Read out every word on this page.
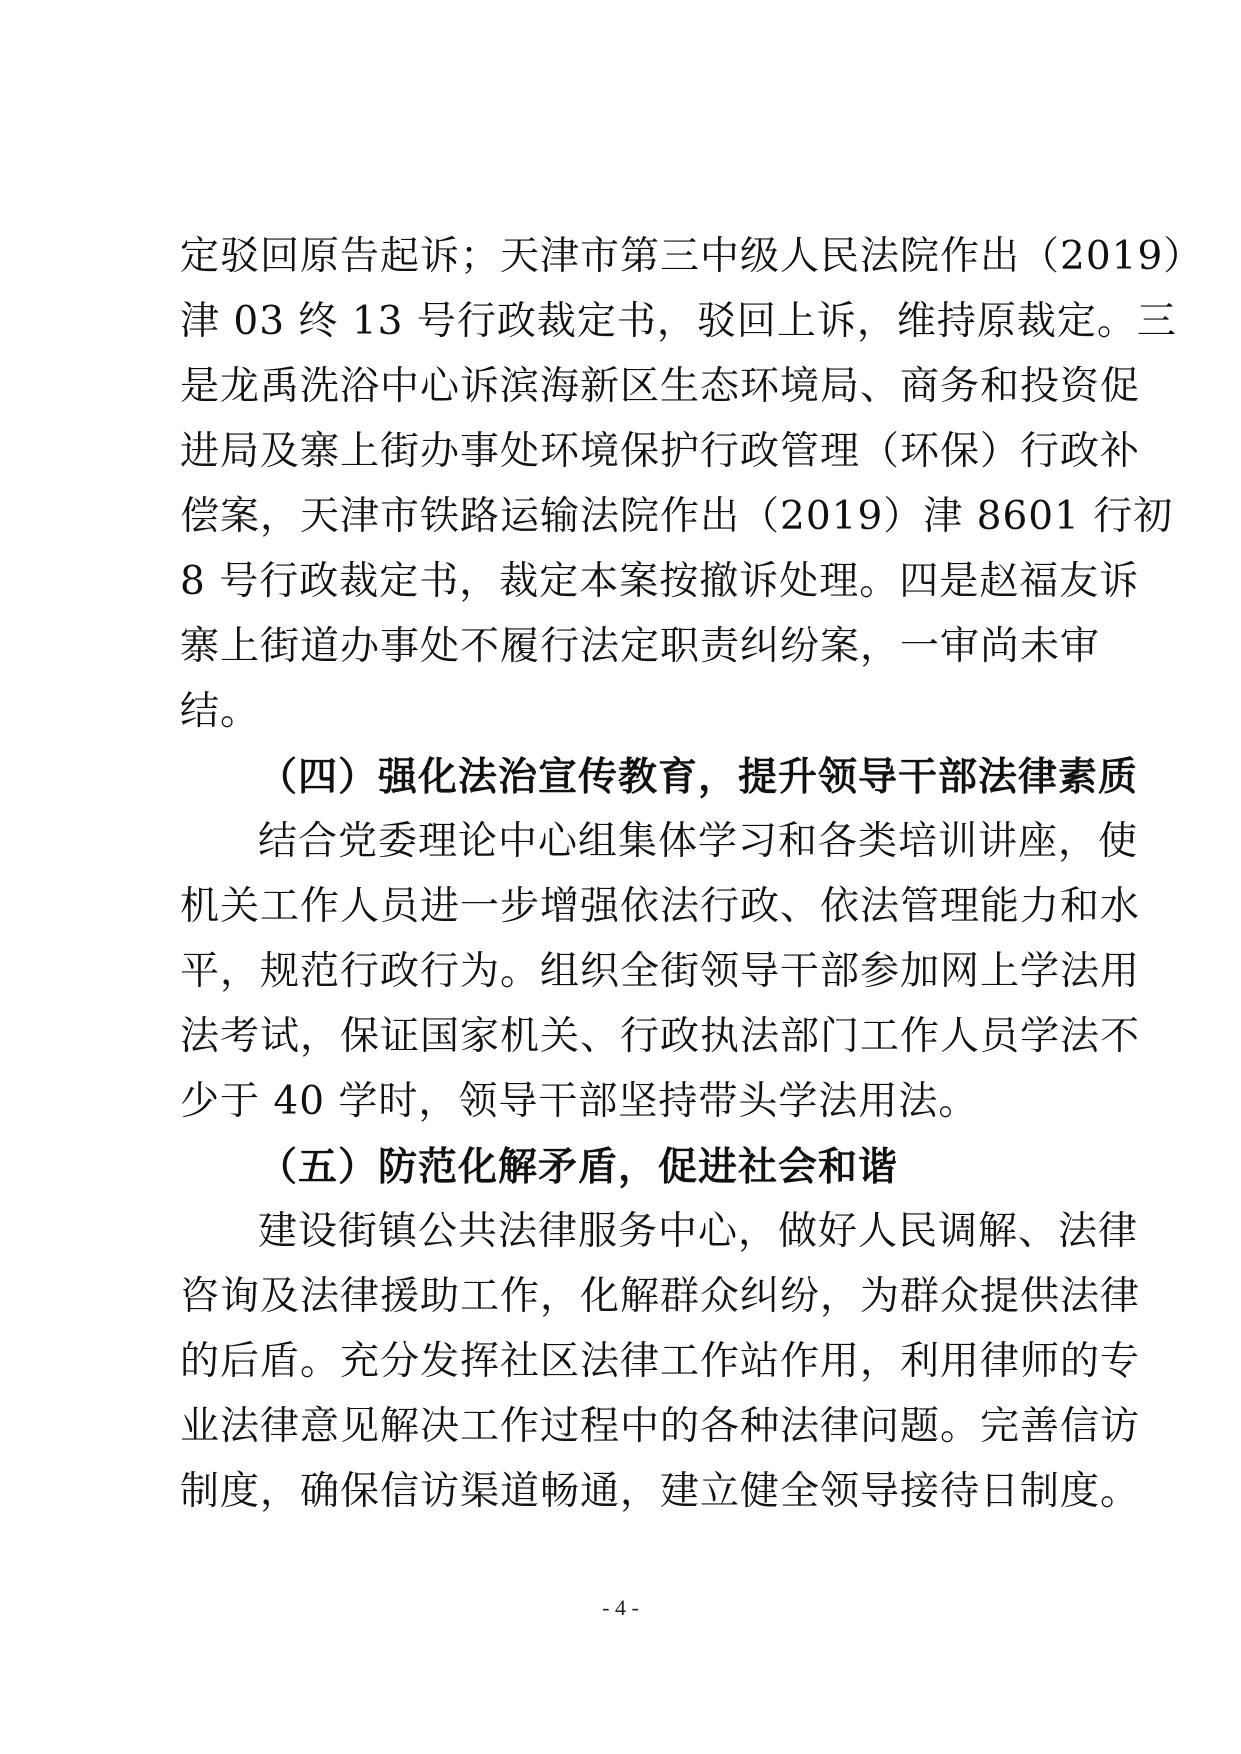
定驳回原告起诉；天津市第三中级人民法院作出（2019）
津 03 终 13 号行政裁定书，驳回上诉，维持原裁定。三
是龙禹洗浴中心诉滨海新区生态环境局、商务和投资促
进局及寨上街办事处环境保护行政管理（环保）行政补
偿案，天津市铁路运输法院作出（2019）津 8601 行初
8 号行政裁定书，裁定本案按撤诉处理。四是赵福友诉
寨上街道办事处不履行法定职责纠纷案，一审尚未审
结。
（四）强化法治宣传教育，提升领导干部法律素质
结合党委理论中心组集体学习和各类培训讲座，使
机关工作人员进一步增强依法行政、依法管理能力和水
平，规范行政行为。组织全街领导干部参加网上学法用
法考试，保证国家机关、行政执法部门工作人员学法不
少于 40 学时，领导干部坚持带头学法用法。
（五）防范化解矛盾，促进社会和谐
建设街镇公共法律服务中心，做好人民调解、法律
咨询及法律援助工作，化解群众纠纷，为群众提供法律
的后盾。充分发挥社区法律工作站作用，利用律师的专
业法律意见解决工作过程中的各种法律问题。完善信访
制度，确保信访渠道畅通，建立健全领导接待日制度。
- 4 -
